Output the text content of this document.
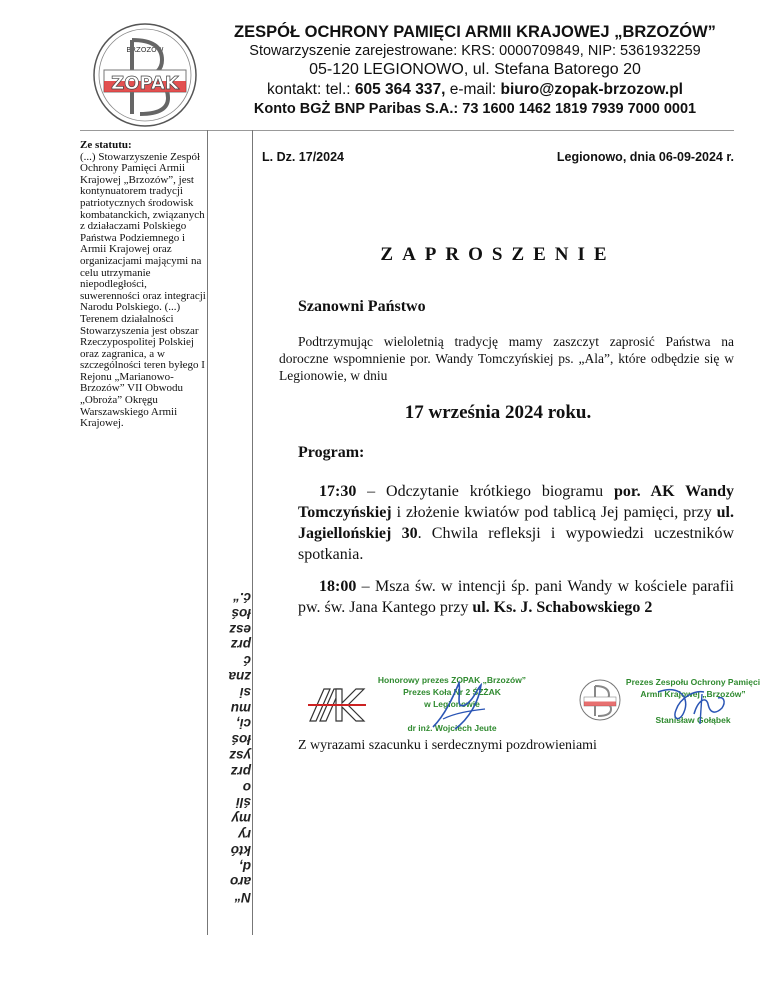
BRZOZÓW
ZOPAK
ZESPÓŁ OCHRONY PAMIĘCI ARMII KRAJOWEJ „BRZOZÓW”
Stowarzyszenie zarejestrowane: KRS: 0000709849, NIP: 5361932259
05-120 LEGIONOWO, ul. Stefana Batorego 20
kontakt: tel.: 605 364 337, e-mail: biuro@zopak-brzozow.pl
Konto BGŻ BNP Paribas S.A.: 73 1600 1462 1819 7939 7000 0001
Ze statutu:
(...) Stowarzyszenie Zespół Ochrony Pamięci Armii Krajowej „Brzozów”, jest kontynuatorem tradycji patriotycznych środowisk kombatanckich, związanych z działaczami Polskiego Państwa Podziemnego i Armii Krajowej oraz organizacjami mającymi na celu utrzymanie niepodległości, suwerenności oraz integracji Narodu Polskiego. (...) Terenem działalności Stowarzyszenia jest obszar Rzeczypospolitej Polskiej oraz zagranica, a w szczególności teren byłego I Rejonu „Marianowo-Brzozów” VII Obwodu „Obroża” Okręgu Warszawskiego Armii Krajowej.
N“
aro
d,
któ
ry
my
śli
o
prz
ysz
łoś
ci,
mu
si
zna
ć
prz
esz
łoś
ć.“
L. Dz. 17/2024	Legionowo, dnia 06-09-2024 r.
ZAPROSZENIE
Szanowni Państwo

Podtrzymując wieloletnią tradycję mamy zaszczyt zaprosić Państwa na doroczne wspomnienie por. Wandy Tomczyńskiej ps. „Ala”, które odbędzie się w Legionowie, w dniu

17 września 2024 roku.
Program:

17:30 – Odczytanie krótkiego biogramu por. AK Wandy Tomczyńskiej i złożenie kwiatów pod tablicą Jej pamięci, przy ul. Jagiellońskiej 30. Chwila refleksji i wypowiedzi uczestników spotkania.

18:00 – Msza św. w intencji śp. pani Wandy w kościele parafii pw. św. Jana Kantego przy ul. Ks. J. Schabowskiego 2

Honorowy prezes ZOPAK „Brzozów”
Prezes Koła Nr 2 ŚZŻAK
w Legionowie
dr inż. Wojciech Jeute
Prezes Zespołu Ochrony Pamięci
Armii Krajowej „Brzozów”
Stanisław Gołąbek
Z wyrazami szacunku i serdecznymi pozdrowieniami
